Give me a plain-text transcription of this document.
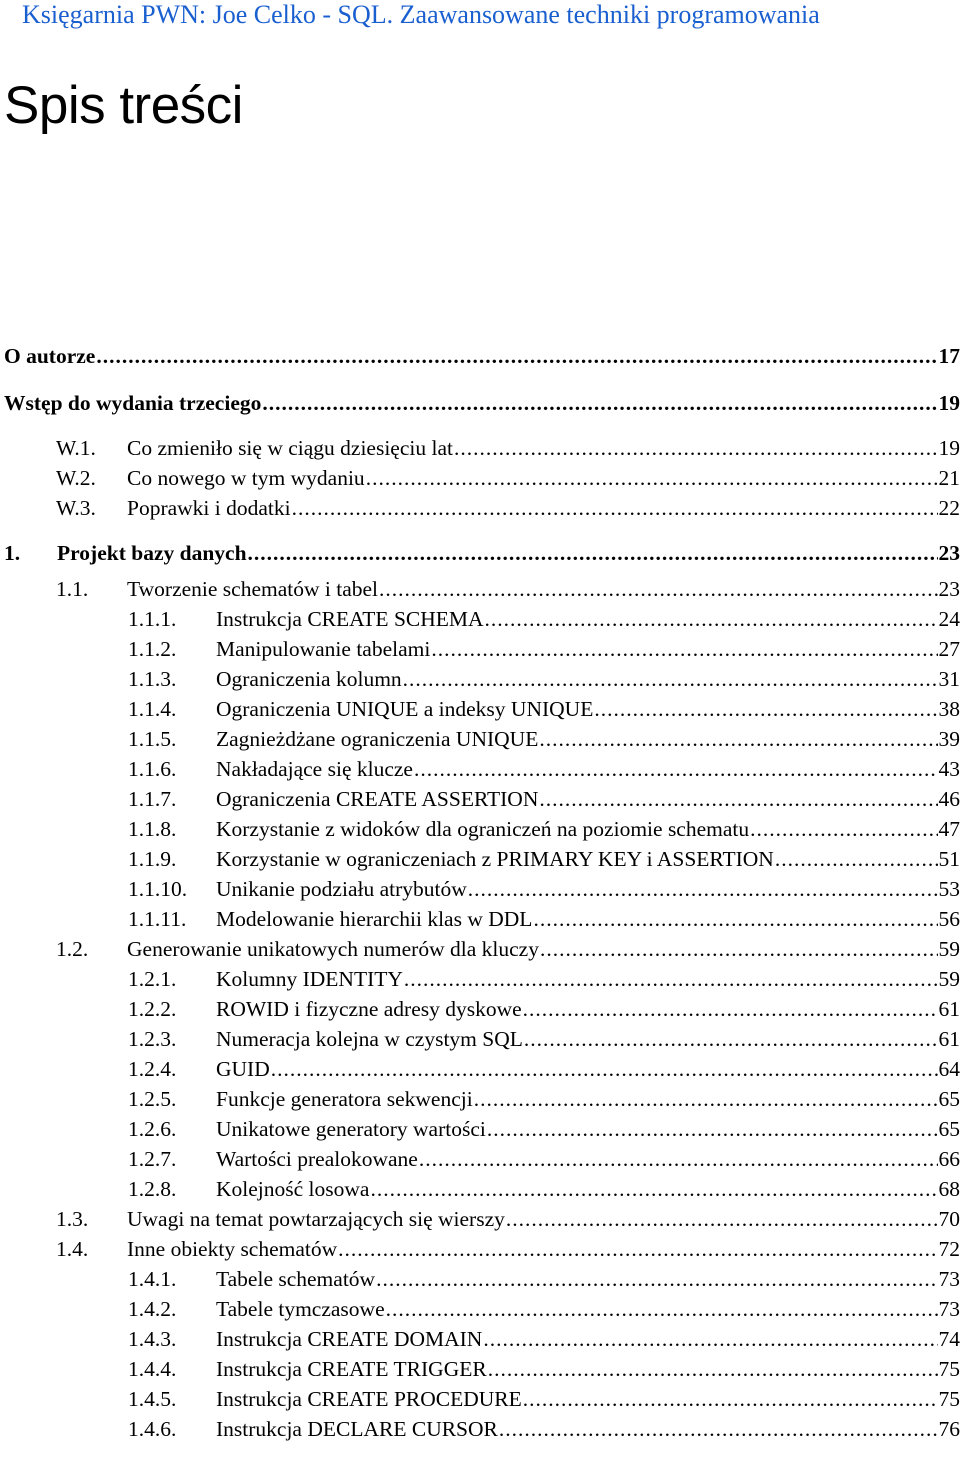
Księgarnia PWN: Joe Celko - SQL. Zaawansowane techniki programowania
Spis treści
O autorze .....	17
Wstęp do wydania trzeciego .....	19
W.1.	Co zmieniło się w ciągu dziesięciu lat .....	19
W.2.	Co nowego w tym wydaniu .....	21
W.3.	Poprawki i dodatki .....	22
1.	Projekt bazy danych .....	23
1.1.	Tworzenie schematów i tabel .....	23
1.1.1.	Instrukcja CREATE SCHEMA .....	24
1.1.2.	Manipulowanie tabelami .....	27
1.1.3.	Ograniczenia kolumn .....	31
1.1.4.	Ograniczenia UNIQUE a indeksy UNIQUE .....	38
1.1.5.	Zagnieżdżane ograniczenia UNIQUE .....	39
1.1.6.	Nakładające się klucze .....	43
1.1.7.	Ograniczenia CREATE ASSERTION .....	46
1.1.8.	Korzystanie z widoków dla ograniczeń na poziomie schematu .....	47
1.1.9.	Korzystanie w ograniczeniach z PRIMARY KEY i ASSERTION .....	51
1.1.10.	Unikanie podziału atrybutów .....	53
1.1.11.	Modelowanie hierarchii klas w DDL .....	56
1.2.	Generowanie unikatowych numerów dla kluczy .....	59
1.2.1.	Kolumny IDENTITY .....	59
1.2.2.	ROWID i fizyczne adresy dyskowe .....	61
1.2.3.	Numeracja kolejna w czystym SQL .....	61
1.2.4.	GUID .....	64
1.2.5.	Funkcje generatora sekwencji .....	65
1.2.6.	Unikatowe generatory wartości .....	65
1.2.7.	Wartości prealokowane .....	66
1.2.8.	Kolejność losowa .....	68
1.3.	Uwagi na temat powtarzających się wierszy .....	70
1.4.	Inne obiekty schematów .....	72
1.4.1.	Tabele schematów .....	73
1.4.2.	Tabele tymczasowe .....	73
1.4.3.	Instrukcja CREATE DOMAIN .....	74
1.4.4.	Instrukcja CREATE TRIGGER .....	75
1.4.5.	Instrukcja CREATE PROCEDURE .....	75
1.4.6.	Instrukcja DECLARE CURSOR .....	76
